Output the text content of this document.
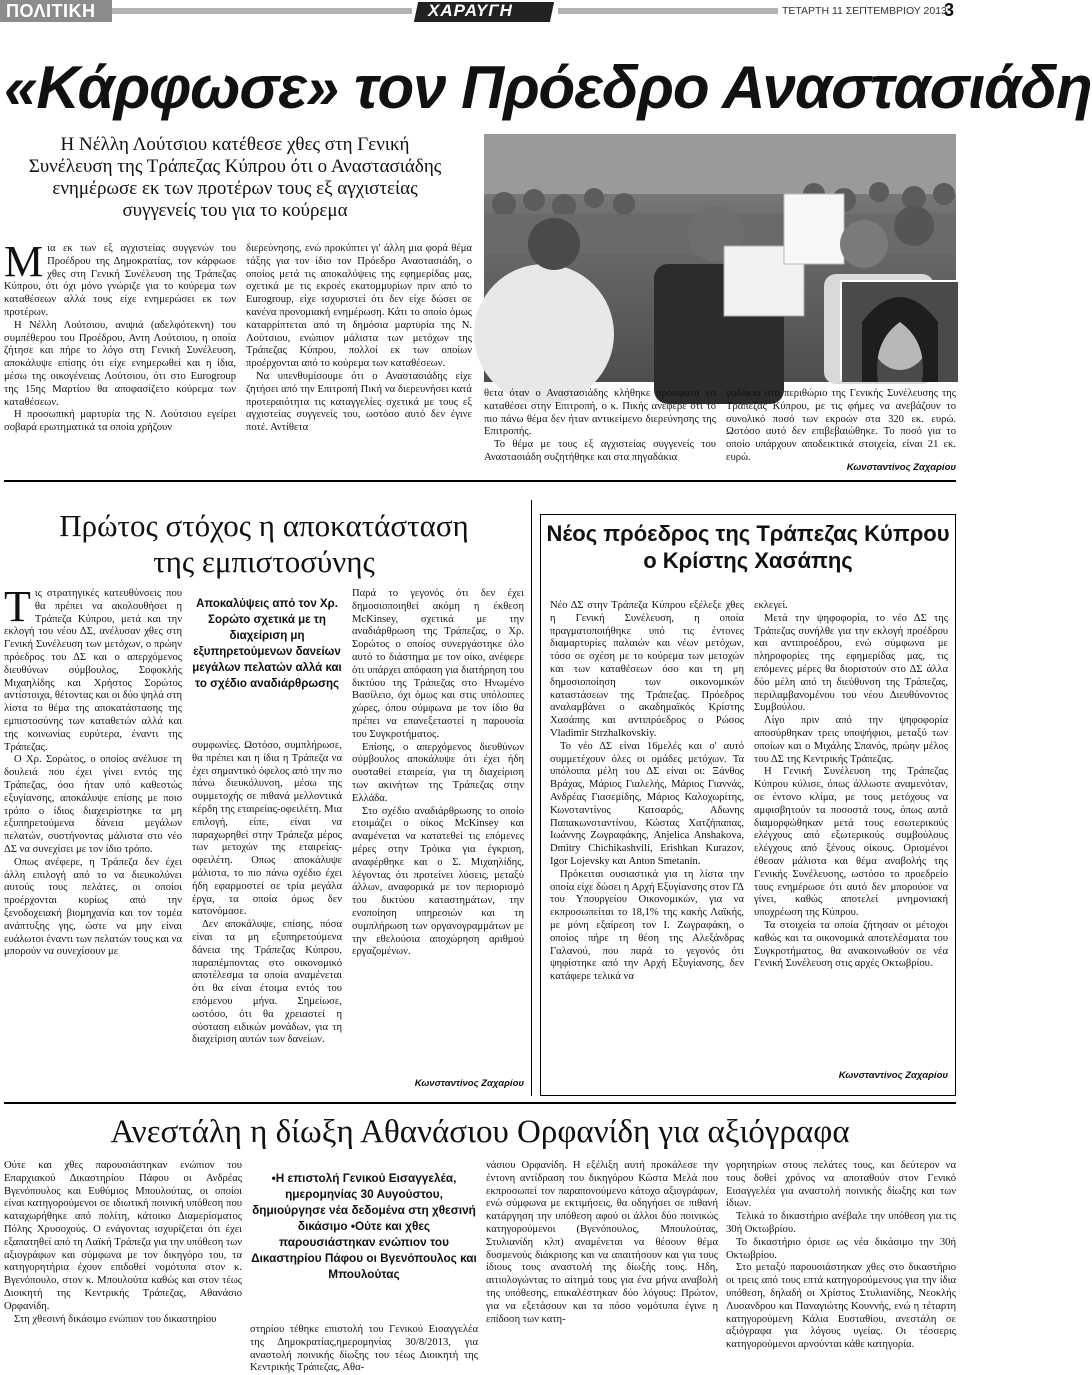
ΠΟΛΙΤΙΚΗ	ΧΑΡΑΥΓΗ	ΤΕΤΑΡΤΗ 11 ΣΕΠΤΕΜΒΡΙΟΥ 2013
3
«Κάρφωσε» τον Πρόεδρο Αναστασιάδη
Η Νέλλη Λούτσιου κατέθεσε χθες στη Γενική Συνέλευση της Τράπεζας Κύπρου ότι ο Αναστασιάδης ενημέρωσε εκ των προτέρων τους εξ αγχιστείας συγγενείς του για το κούρεμα
Μ ια εκ των εξ αγχιστείας συγγενών του Προέδρου της Δημοκρατίας, τον κάρφωσε χθες στη Γενική Συνέλευση της Τράπεζας Κύπρου, ότι όχι μόνο γνώριζε για το κούρεμα των καταθέσεων αλλά τους είχε ενημερώσει εκ των προτέρων.

Η Νέλλη Λούτσιου, ανιψιά (αδελφότεκνη) του συμπέθερου του Προέδρου, Αντη Λούτσιου, η οποία ζήτησε και πήρε το λόγο στη Γενική Συνέλευση, αποκάλυψε επίσης ότι είχε ενημερωθεί και η ίδια, μέσω της οικογένειας Λούτσιου, ότι στο Eurogroup της 15ης Μαρτίου θα αποφασίζετο κούρεμα των καταθέσεων.

Η προσωπική μαρτυρία της Ν. Λούτσιου εγείρει σοβαρά ερωτηματικά τα οποία χρήζουν

διερεύνησης, ενώ προκύπτει γι' άλλη μια φορά θέμα τάξης για τον ίδιο τον Πρόεδρο Αναστασιάδη, ο οποίος μετά τις αποκαλύψεις της εφημερίδας μας, σχετικά με τις εκροές εκατομμυρίων πριν από το Eurogroup, είχε ισχυριστεί ότι δεν είχε δώσει σε κανένα προνομιακή ενημέρωση. Κάτι το οποίο όμως καταρρίπτεται από τη δημόσια μαρτυρία της Ν. Λούτσιου, ενώπιον μάλιστα των μετόχων της Τράπεζας Κύπρου, πολλοί εκ των οποίων προέρχονται από το κούρεμα των καταθέσεων.

Να υπενθυμίσουμε ότι ο Αναστασιάδης είχε ζητήσει από την Επιτροπή Πική να διερευνήσει κατά προτεραιότητα τις καταγγελίες σχετικά με τους εξ αγχιστείας συγγενείς του, ωστόσο αυτό δεν έγινε ποτέ. Αντίθετα

θετα όταν ο Αναστασιάδης κλήθηκε πρόσφατα να καταθέσει στην Επιτροπή, ο κ. Πικής ανέφερε ότι το πιο πάνω θέμα δεν ήταν αντικείμενο διερεύνησης της Επιτροπής.

Το θέμα με τους εξ αγχιστείας συγγενείς του Αναστασιάδη συζητήθηκε και στα πηγαδάκια

γαδάκια στο περιθώριο της Γενικής Συνέλευσης της Τράπεζας Κύπρου, με τις φήμες να ανεβάζουν το συνολικό ποσό των εκροών στα 320 εκ. ευρώ. Ωστόσο αυτό δεν επιβεβαιώθηκε. Το ποσό για το οποίο υπάρχουν αποδεικτικά στοιχεία, είναι 21 εκ. ευρώ.

Κωνσταντίνος Ζαχαρίου
Πρώτος στόχος η αποκατάσταση
της εμπιστοσύνης
Τ ις στρατηγικές κατευθύνσεις που θα πρέπει να ακολουθήσει η Τράπεζα Κύπρου, μετά και την εκλογή του νέου ΔΣ, ανέλυσαν χθες στη Γενική Συνέλευση των μετόχων, ο πρώην πρόεδρος του ΔΣ και ο απερχόμενος διευθύνων σύμβουλος, Σοφοκλής Μιχαηλίδης και Χρήστος Σορώτος αντίστοιχα, θέτοντας και οι δύο ψηλά στη λίστα το θέμα της αποκατάστασης της εμπιστοσύνης των καταθετών αλλά και της κοινωνίας ευρύτερα, έναντι της Τράπεζας.

Ο Χρ. Σορώτος, ο οποίος ανέλυσε τη δουλειά που έχει γίνει εντός της Τράπεζας, όσο ήταν υπό καθεστώς εξυγίανσης, αποκάλυψε επίσης με ποιο τρόπο ο ίδιος διαχειρίστηκε τα μη εξυπηρετούμενα δάνεια μεγάλων πελατών, συστήνοντας μάλιστα στο νέο ΔΣ να συνεχίσει με τον ίδιο τρόπο.

Οπως ανέφερε, η Τράπεζα δεν έχει άλλη επιλογή από το να διευκολύνει αυτούς τους πελάτες, οι οποίοι προέρχονται κυρίως από την ξενοδοχειακή βιομηχανία και τον τομέα ανάπτυξης γης, ώστε να μην είναι ευάλωτοι έναντι των πελατών τους και να μπορούν να συνεχίσουν με

Αποκαλύψεις από τον Χρ. Σορώτο σχετικά με τη διαχείριση μη εξυπηρετούμενων δανείων μεγάλων πελατών αλλά και το σχέδιο αναδιάρθρωσης

συμφωνίες. Ωστόσο, συμπλήρωσε, θα πρέπει και η ίδια η Τράπεζα να έχει σημαντικό όφελος από την πιο πάνω διευκόλυνση, μέσω της συμμετοχής σε πιθανά μελλοντικά κέρδη της εταιρείας-οφειλέτη. Μια επιλογή, είπε, είναι να παραχωρηθεί στην Τράπεζα μέρος των μετοχών της εταιρείας-οφειλέτη. Οπως αποκάλυψε μάλιστα, το πιο πάνω σχέδιο έχει ήδη εφαρμοστεί σε τρία μεγάλα έργα, τα οποία όμως δεν κατονόμασε.

Δεν αποκάλυψε, επίσης, πόσα είναι τα μη εξυπηρετούμενα δάνεια της Τράπεζας Κύπρου, παραπέμποντας στο οικονομικό αποτέλεσμα τα οποία αναμένεται ότι θα είναι έτοιμα εντός του επόμενου μήνα. Σημείωσε, ωστόσο, ότι θα χρειαστεί η σύσταση ειδικών μονάδων, για τη διαχείριση αυτών των δανείων.

Παρά το γεγονός ότι δεν έχει δημοσιοποιηθεί ακόμη η έκθεση McKinsey, σχετικά με την αναδιάρθρωση της Τράπεζας, ο Χρ. Σορώτος ο οποίος συνεργάστηκε όλο αυτό το διάστημα με τον οίκο, ανέφερε ότι υπάρχει απόφαση για διατήρηση του δικτύου της Τράπεζας στο Ηνωμένο Βασίλειο, όχι όμως και στις υπόλοιπες χώρες, όπου σύμφωνα με τον ίδιο θα πρέπει να επανεξεταστεί η παρουσία του Συγκροτήματος.

Επίσης, ο απερχόμενος διευθύνων σύμβουλος αποκάλυψε ότι έχει ήδη συσταθεί εταιρεία, για τη διαχείριση των ακινήτων της Τράπεζας στην Ελλάδα.

Στο σχέδιο αναδιάρθρωσης το οποίο ετοιμάζει ο οίκος McKinsey και αναμένεται να κατατεθεί τις επόμενες μέρες στην Τρόικα για έγκριση, αναφέρθηκε και ο Σ. Μιχαηλίδης, λέγοντας ότι προτείνει λύσεις, μεταξύ άλλων, αναφορικά με τον περιορισμό του δικτύου καταστημάτων, την ενοποίηση υπηρεσιών και τη συμπλήρωση των οργανογραμμάτων με την εθελούσια αποχώρηση αριθμού εργαζομένων.

Κωνσταντίνος Ζαχαρίου
Νέος πρόεδρος της Τράπεζας Κύπρου
ο Κρίστης Χασάπης

Νέο ΔΣ στην Τράπεζα Κύπρου εξέλεξε χθες η Γενική Συνέλευση, η οποία πραγματοποιήθηκε υπό τις έντονες διαμαρτυρίες παλαιών και νέων μετόχων, τόσο σε σχέση με το κούρεμα των μετοχών και των καταθέσεων όσο και τη μη δημοσιοποίηση των οικονομικών καταστάσεων της Τράπεζας. Πρόεδρος αναλαμβάνει ο ακαδημαϊκός Κρίστης Χασάπης και αντιπρόεδρος ο Ρώσος Vladimir Strzhalkovskiy.

Το νέο ΔΣ είναι 16μελές και ο' αυτό συμμετέχουν όλες οι ομάδες μετόχων. Τα υπόλοιπα μέλη του ΔΣ είναι οι: Ξάνθος Βράχας, Μάριος Γιαλελής, Μάριος Γιαννάς, Ανδρέας Γιασεμίδης, Μάριος Καλοχωρίτης, Κωνσταντίνος Κατσαρός, Αδωνης Παπακωνσταντίνου, Κώστας Χατζήπαπας, Ιωάννης Ζωγραφάκης, Anjelica Anshakova, Dmitry Chichikashvili, Erishkan Kurazov, Igor Lojevsky και Anton Smetanin.

Πρόκειται ουσιαστικά για τη λίστα την οποία είχε δώσει η Αρχή Εξυγίανσης στον ΓΔ του Υπουργείου Οικονομικών, για να εκπροσωπείται το 18,1% της κακής Λαϊκής, με μόνη εξαίρεση τον Ι. Ζωγραφάκη, ο οποίος πήρε τη θέση της Αλεξάνδρας Γαλανού, που παρά το γεγονός ότι ψηφίστηκε από την Αρχή Εξυγίανσης, δεν κατάφερε τελικά να

εκλεγεί.

Μετά την ψηφοφορία, το νέο ΔΣ της Τράπεζας συνήλθε για την εκλογή προέδρου και αντιπροέδρου, ενώ σύμφωνα με πληροφορίες της εφημερίδας μας, τις επόμενες μέρες θα διοριστούν στο ΔΣ άλλα δύο μέλη από τη διεύθυνση της Τράπεζας, περιλαμβανομένου του νέου Διευθύνοντος Συμβούλου.

Λίγο πριν από την ψηφοφορία αποσύρθηκαν τρεις υποψήφιοι, μεταξύ των οποίων και ο Μιχάλης Σπανός, πρώην μέλος του ΔΣ της Κεντρικής Τράπεζας.

Η Γενική Συνέλευση της Τράπεζας Κύπρου κύλισε, όπως άλλωστε αναμενόταν, σε έντονο κλίμα, με τους μετόχους να αμφισβητούν τα ποσοστά τους, όπως αυτά διαμορφώθηκαν μετά τους εσωτερικούς ελέγχους από εξωτερικούς συμβούλους ελέγχους από ξένους οίκους. Ορισμένοι έθεσαν μάλιστα και θέμα αναβολής της Γενικής Συνέλευσης, ωστόσο το προεδρείο τους ενημέρωσε ότι αυτό δεν μπορούσε να γίνει, καθώς αποτελεί μνημονιακή υποχρέωση της Κύπρου.

Τα στοιχεία τα οποία ζήτησαν οι μέτοχοι καθώς και τα οικονομικά αποτελέσματα του Συγκροτήματος, θα ανακοινωθούν σε νέα Γενική Συνέλευση στις αρχές Οκτωβρίου.

Κωνσταντίνος Ζαχαρίου
Ανεστάλη η δίωξη Αθανάσιου Ορφανίδη για αξιόγραφα

Ούτε και χθες παρουσιάστηκαν ενώπιον του Επαρχιακού Δικαστηρίου Πάφου οι Ανδρέας Βγενόπουλος και Ευθύμιος Μπουλούτας, οι οποίοι είναι κατηγορούμενοι σε ιδιωτική ποινική υπόθεση που καταχωρήθηκε από πολίτη, κάτοικο Διαμερίσματος Πόλης Χρυσοχούς. Ο ενάγοντας ισχυρίζεται ότι έχει εξαπατηθεί από τη Λαϊκή Τράπεζα για την υπόθεση των αξιογράφων και σύμφωνα με τον δικηγόρο του, τα κατηγορητήρια έχουν επιδοθεί νομότυπα στον κ. Βγενόπουλο, στον κ. Μπουλούτα καθώς και στον τέως Διοικητή της Κεντρικής Τράπεζας, Αθανάσιο Ορφανίδη.

Στη χθεσινή δικάσιμο ενώπιον του δικαστηρίου

•Η επιστολή Γενικού Εισαγγελέα, ημερομηνίας 30 Αυγούστου, δημιούργησε νέα δεδομένα στη χθεσινή δικάσιμο •Ούτε και χθες παρουσιάστηκαν ενώπιον του Δικαστηρίου Πάφου οι Βγενόπουλος και Μπουλούτας

στηρίου τέθηκε επιστολή του Γενικού Εισαγγελέα της Δημοκρατίας,ημερομηνίας 30/8/2013, για αναστολή ποινικής δίωξης του τέως Διοικητή της Κεντρικής Τράπεζας, Αθα-

νάσιου Ορφανίδη. Η εξέλιξη αυτή προκάλεσε την έντονη αντίδραση του δικηγόρου Κώστα Μελά που εκπροσωπεί τον παραπονούμενο κάτοχο αξιογράφων, ενώ σύμφωνα με εκτιμήσεις, θα οδηγήσει σε πιθανή κατάργηση την υπόθεση αφού οι άλλοι δύο ποινικώς κατηγορούμενοι (Βγενόπουλος, Μπουλούτας, Στυλιανίδη κλπ) αναμένεται να θέσουν θέμα δυσμενούς διάκρισης και να απαιτήσουν και για τους ίδιους τους αναστολή της δίωξής τους. Ηδη, αιτιολογώντας το αίτημά τους για ένα μήνα αναβολή της υπόθεσης, επικαλέστηκαν δύο λόγους: Πρώτον, για να εξετάσουν και τα πόσο νομότυπα έγινε η επίδοση των κατη-

γορητηρίων στους πελάτες τους, και δεύτερον να τους δοθεί χρόνος να αποταθούν στον Γενικό Εισαγγελέα για αναστολή ποινικής δίωξης και των ίδιων.

Τελικά το δικαστήριο ανέβαλε την υπόθεση για τις 30ή Οκτωβρίου.

Το δικαστήριο όρισε ως νέα δικάσιμο την 30ή Οκτωβρίου.

Στο μεταξύ παρουσιάστηκαν χθες στο δικαστήριο οι τρεις από τους επτά κατηγορούμενους για την ίδια υπόθεση, δηλαδή οι Χρίστος Στυλιανίδης, Νεοκλής Λυσανδρου και Παναγιώτης Κουννής, ενώ η τέταρτη κατηγορούμενη Κάλια Ευσταθίου, ανεστάλη σε αξιόγραφα για λόγους υγείας. Οι τέσσερις κατηγορούμενοι αρνούνται κάθε κατηγορία.
